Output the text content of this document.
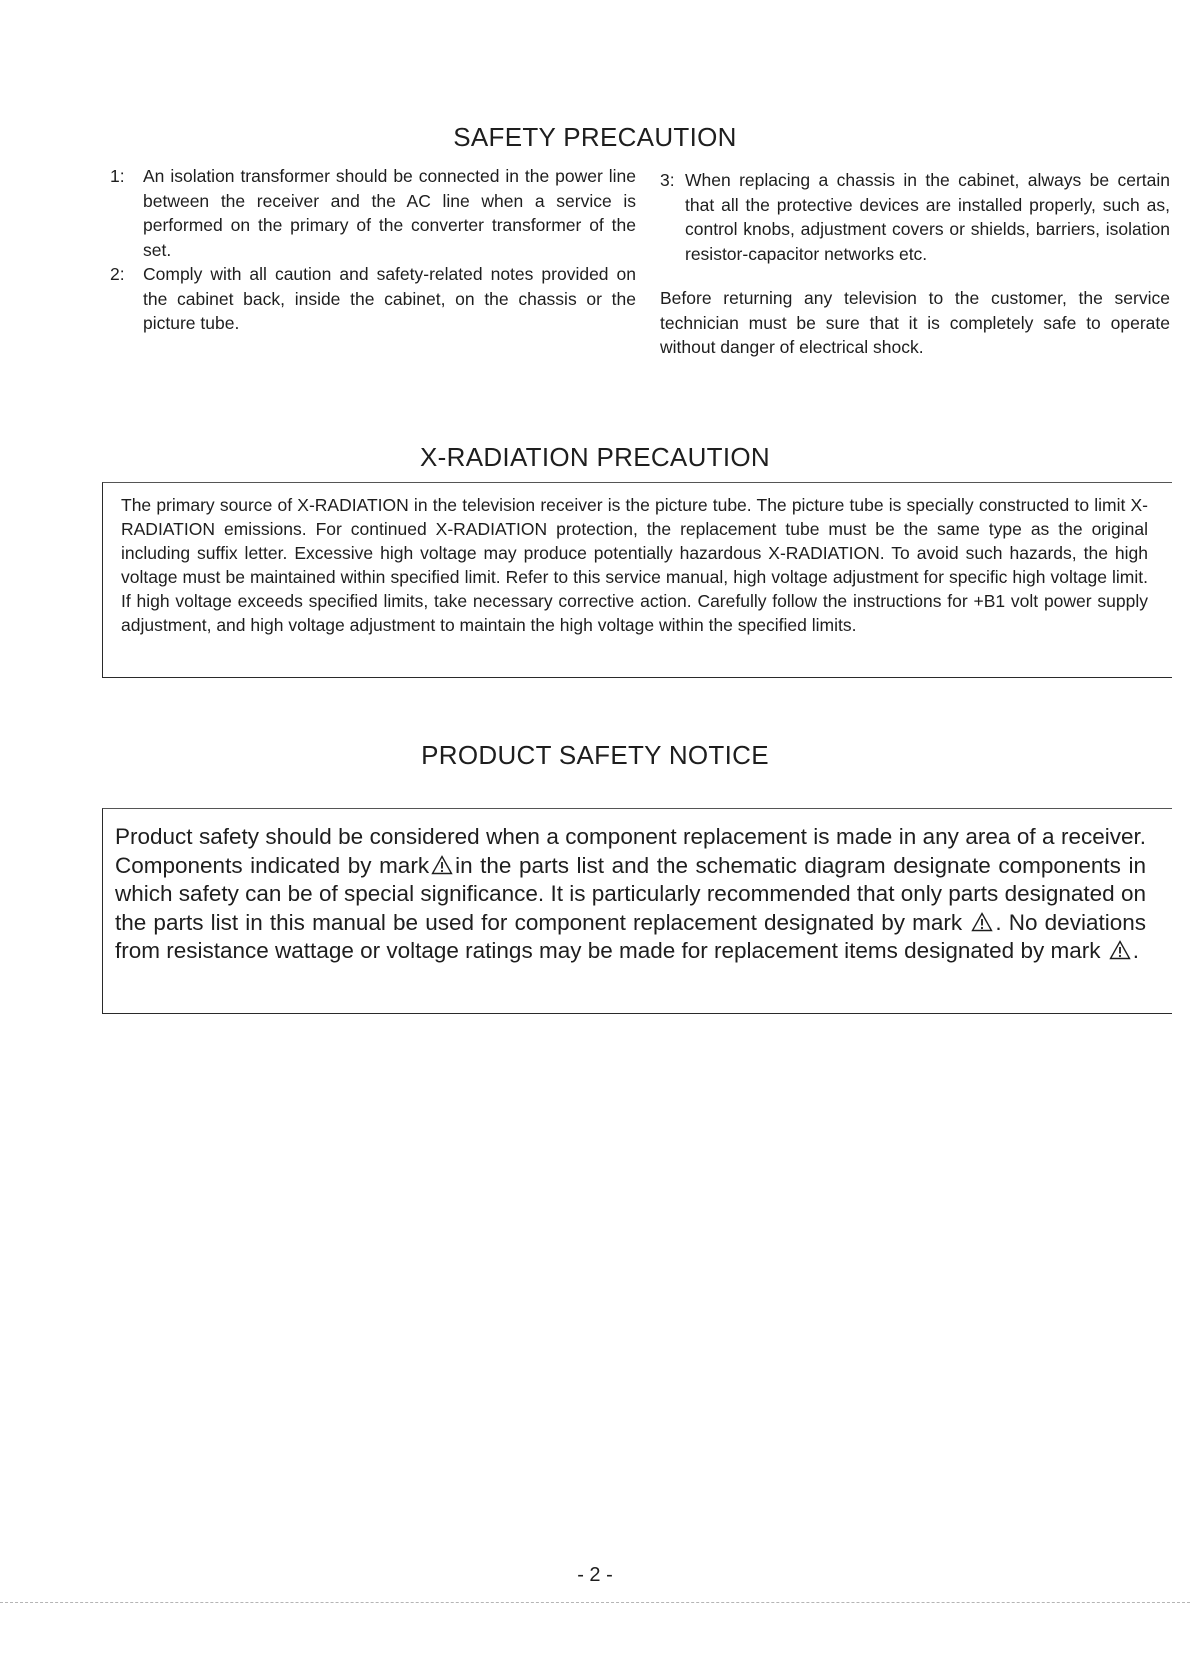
SAFETY PRECAUTION
1:	An isolation transformer should be connected in the power line between the receiver and the AC line when a service is performed on the primary of the converter transformer of the set.
2:	Comply with all caution and safety-related notes provided on the cabinet back, inside the cabinet, on the chassis or the picture tube.
3: When replacing a chassis in the cabinet, always be certain that all the protective devices are installed properly, such as, control knobs, adjustment covers or shields, barriers, isolation resistor-capacitor networks etc.

Before returning any television to the customer, the service technician must be sure that it is completely safe to operate without danger of electrical shock.

X-RADIATION PRECAUTION

The primary source of X-RADIATION in the television receiver is the picture tube. The picture tube is specially constructed to limit X-RADIATION emissions. For continued X-RADIATION protection, the replacement tube must be the same type as the original including suffix letter. Excessive high voltage may produce potentially hazardous X-RADIATION. To avoid such hazards, the high voltage must be maintained within specified limit. Refer to this service manual, high voltage adjustment for specific high voltage limit. If high voltage exceeds specified limits, take necessary corrective action. Carefully follow the instructions for +B1 volt power supply adjustment, and high voltage adjustment to maintain the high voltage within the specified limits.

PRODUCT SAFETY NOTICE

Product safety should be considered when a component replacement is made in any area of a receiver. Components indicated by mark in the parts list and the schematic diagram designate components in which safety can be of special significance. It is particularly recommended that only parts designated on the parts list in this manual be used for component replacement designated by mark . No deviations from resistance wattage or voltage ratings may be made for replacement items designated by mark .

- 2 -
